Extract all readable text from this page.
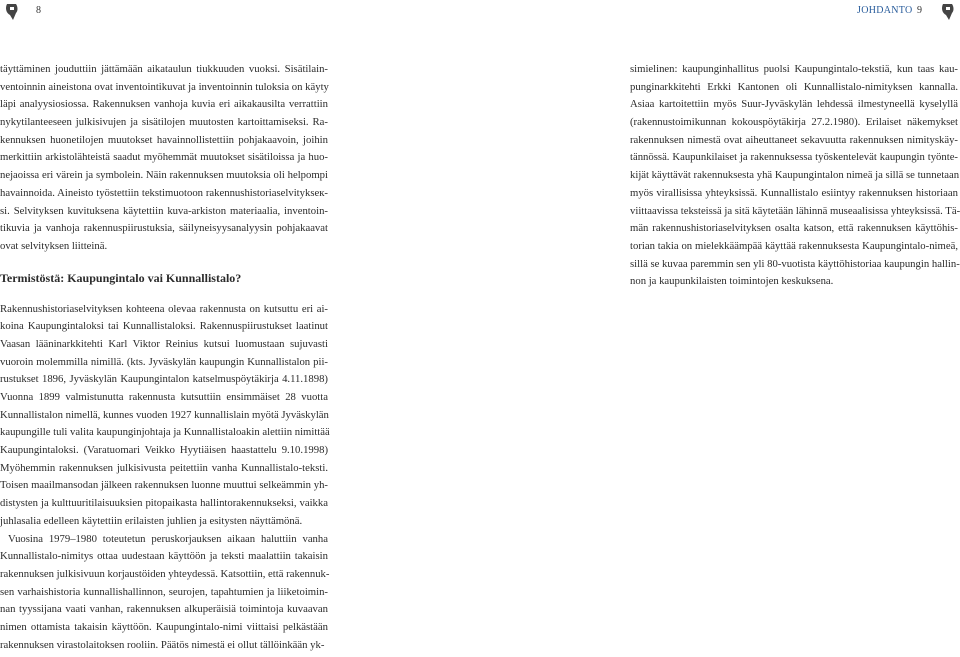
8	JOHDANTO 9

täyttäminen jouduttiin jättämään aikataulun tiukkuuden vuoksi. Sisätilain-
ventoinnin aineistona ovat inventointikuvat ja inventoinnin tuloksia on käyty
läpi analyysiosiossa. Rakennuksen vanhoja kuvia eri aikakausilta verrattiin
nykytilanteeseen julkisivujen ja sisätilojen muutosten kartoittamiseksi. Ra-
kennuksen huonetilojen muutokset havainnollistettiin pohjakaavoin, joihin
merkittiin arkistolähteistä saadut myöhemmät muutokset sisätiloissa ja huo-
nejaoissa eri värein ja symbolein. Näin rakennuksen muutoksia oli helpompi
havainnoida. Aineisto työstettiin tekstimuotoon rakennushistoriaselvitykseк-
si. Selvityksen kuvituksena käytettiin kuva-arkiston materiaalia, inventoin-
tikuvia ja vanhoja rakennuspiirustuksia, säilyneisyysanalyysin pohjakaavat
ovat selvityksen liitteinä.

Termistöstä: Kaupungintalo vai Kunnallistalo?

Rakennushistoriaselvityksen kohteena olevaa rakennusta on kutsuttu eri ai-
koina Kaupungintaloksi tai Kunnallistaloksi. Rakennuspiirustukset laatinut
Vaasan lääninarkkitehti Karl Viktor Reinius kutsui luomustaan sujuvasti
vuoroin molemmilla nimillä. (kts. Jyväskylän kaupungin Kunnallistalon pii-
rustukset 1896, Jyväskylän Kaupungintalon katselmuspöytäkirja 4.11.1898)
Vuonna 1899 valmistunutta rakennusta kutsuttiin ensimmäiset 28 vuotta
Kunnallistalon nimellä, kunnes vuoden 1927 kunnallislain myötä Jyväskylän
kaupungille tuli valita kaupunginjohtaja ja Kunnallistaloakin alettiin nimittää
Kaupungintaloksi. (Varatuomari Veikko Hyytiäisen haastattelu 9.10.1998)
Myöhemmin rakennuksen julkisivusta peitettiin vanha Kunnallistalo-teksti.
Toisen maailmansodan jälkeen rakennuksen luonne muuttui selkeämmin yh-
distysten ja kulttuuritilaisuuksien pitopaikasta hallintorakennukseksi, vaikka
juhlasalia edelleen käytettiin erilaisten juhlien ja esitysten näyttämönä.

Vuosina 1979–1980 toteutetun peruskorjauksen aikaan haluttiin vanha
Kunnallistalo-nimitys ottaa uudestaan käyttöön ja teksti maalattiin takaisin
rakennuksen julkisivuun korjaustöiden yhteydessä. Katsottiin, että rakennuk-
sen varhaishistoria kunnallishallinnon, seurojen, tapahtumien ja liiketoimin-
nan tyyssijana vaati vanhan, rakennuksen alkuperäisiä toimintoja kuvaavan
nimen ottamista takaisin käyttöön. Kaupungintalo-nimi viittaisi pelkästään
rakennuksen virastolaitoksen rooliin. Päätös nimestä ei ollut tällöinkään yk-

simielinen: kaupunginhallitus puolsi Kaupungintalo-tekstiä, kun taas kau-
punginarkkitehti Erkki Kantonen oli Kunnallistalo-nimityksen kannalla.
Asiaa kartoitettiin myös Suur-Jyväskylän lehdessä ilmestyneellä kyselyllä
(rakennustoimikunnan kokouspöytäkirja 27.2.1980). Erilaiset näkemykset
rakennuksen nimestä ovat aiheuttaneet sekavuutta rakennuksen nimityskäy-
tännössä. Kaupunkilaiset ja rakennuksessa työskentelevät kaupungin työnte-
kijät käyttävät rakennuksesta yhä Kaupungintalon nimeä ja sillä se tunnetaan
myös virallisissa yhteyksissä. Kunnallistalo esiintyy rakennuksen historiaan
viittaavissa teksteissä ja sitä käytetään lähinnä museaalisissa yhteyksissä. Tä-
män rakennushistoriaselvityksen osalta katson, että rakennuksen käyttöhis-
torian takia on mielekkäämpää käyttää rakennuksesta Kaupungintalo-nimeä,
sillä se kuvaa paremmin sen yli 80-vuotista käyttöhistoriaa kaupungin hallin-
non ja kaupunkilaisten toimintojen keskuksena.
